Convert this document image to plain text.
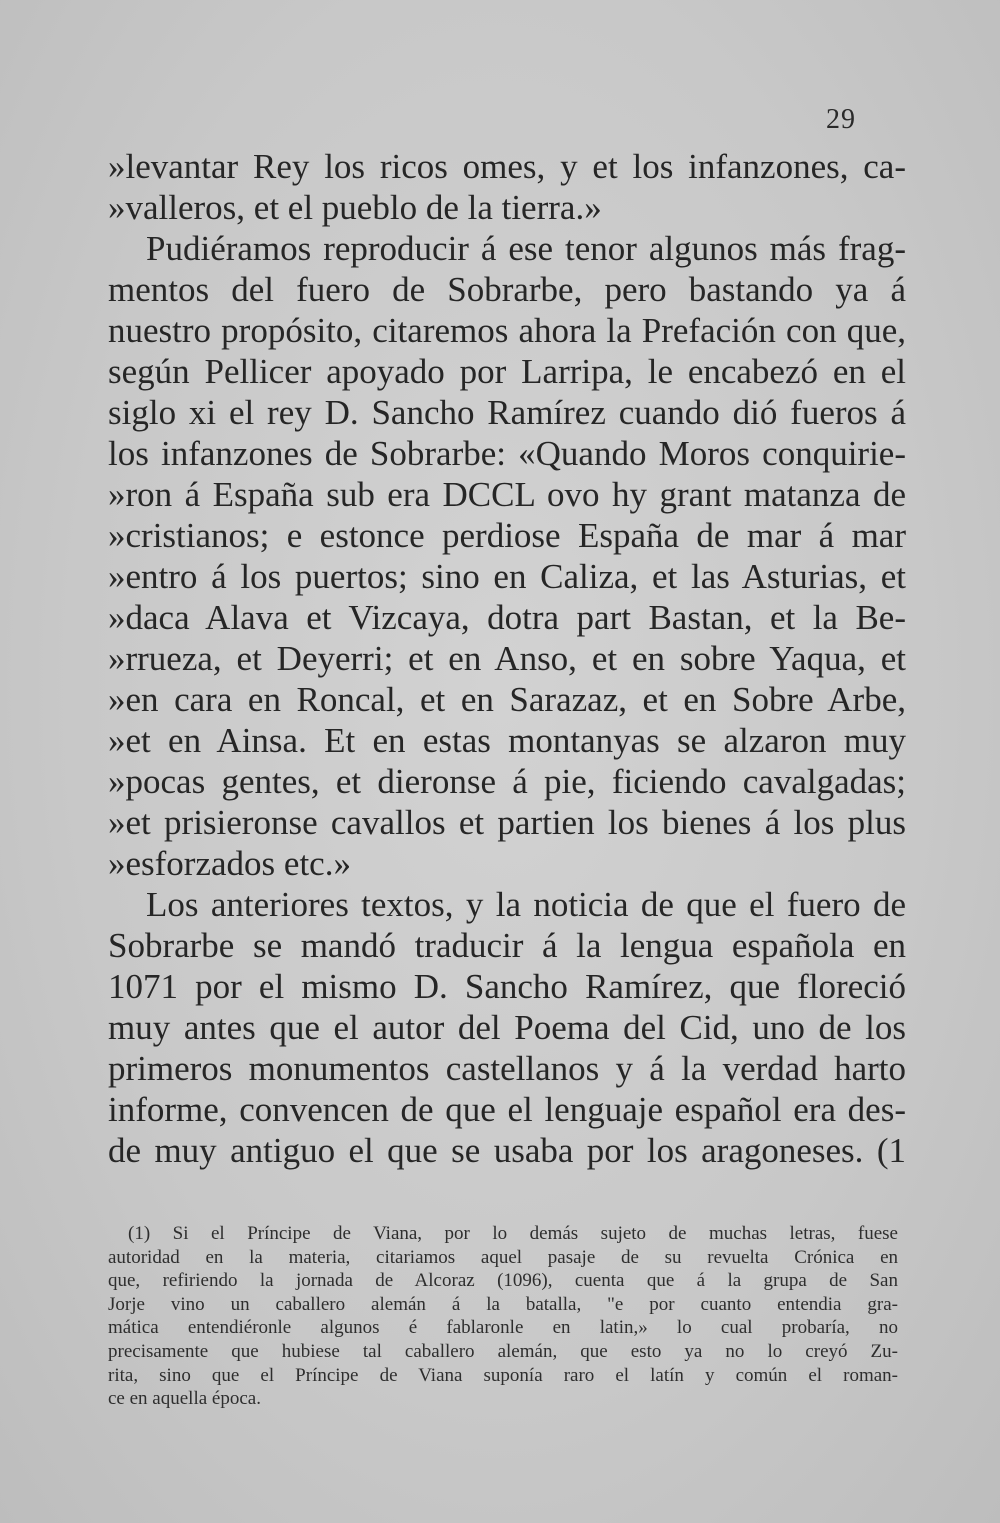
29
»levantar Rey los ricos omes, y et los infanzones, ca-
»valleros, et el pueblo de la tierra.»
Pudiéramos reproducir á ese tenor algunos más frag-
mentos del fuero de Sobrarbe, pero bastando ya á
nuestro propósito, citaremos ahora la Prefación con que,
según Pellicer apoyado por Larripa, le encabezó en el
siglo xi el rey D. Sancho Ramírez cuando dió fueros á
los infanzones de Sobrarbe: «Quando Moros conquirie-
»ron á España sub era DCCL ovo hy grant matanza de
»cristianos; e estonce perdiose España de mar á mar
»entro á los puertos; sino en Caliza, et las Asturias, et
»daca Alava et Vizcaya, dotra part Bastan, et la Be-
»rrueza, et Deyerri; et en Anso, et en sobre Yaqua, et
»en cara en Roncal, et en Sarazaz, et en Sobre Arbe,
»et en Ainsa. Et en estas montanyas se alzaron muy
»pocas gentes, et dieronse á pie, ficiendo cavalgadas;
»et prisieronse cavallos et partien los bienes á los plus
»esforzados etc.»
Los anteriores textos, y la noticia de que el fuero de
Sobrarbe se mandó traducir á la lengua española en
1071 por el mismo D. Sancho Ramírez, que floreció
muy antes que el autor del Poema del Cid, uno de los
primeros monumentos castellanos y á la verdad harto
informe, convencen de que el lenguaje español era des-
de muy antiguo el que se usaba por los aragoneses. (1
(1) Si el Príncipe de Viana, por lo demás sujeto de muchas letras, fuese
autoridad en la materia, citariamos aquel pasaje de su revuelta Crónica en
que, refiriendo la jornada de Alcoraz (1096), cuenta que á la grupa de San
Jorje vino un caballero alemán á la batalla, "e por cuanto entendia gra-
mática entendiéronle algunos é fablaronle en latin,» lo cual probaría, no
precisamente que hubiese tal caballero alemán, que esto ya no lo creyó Zu-
rita, sino que el Príncipe de Viana suponía raro el latín y común el roman-
ce en aquella época.
